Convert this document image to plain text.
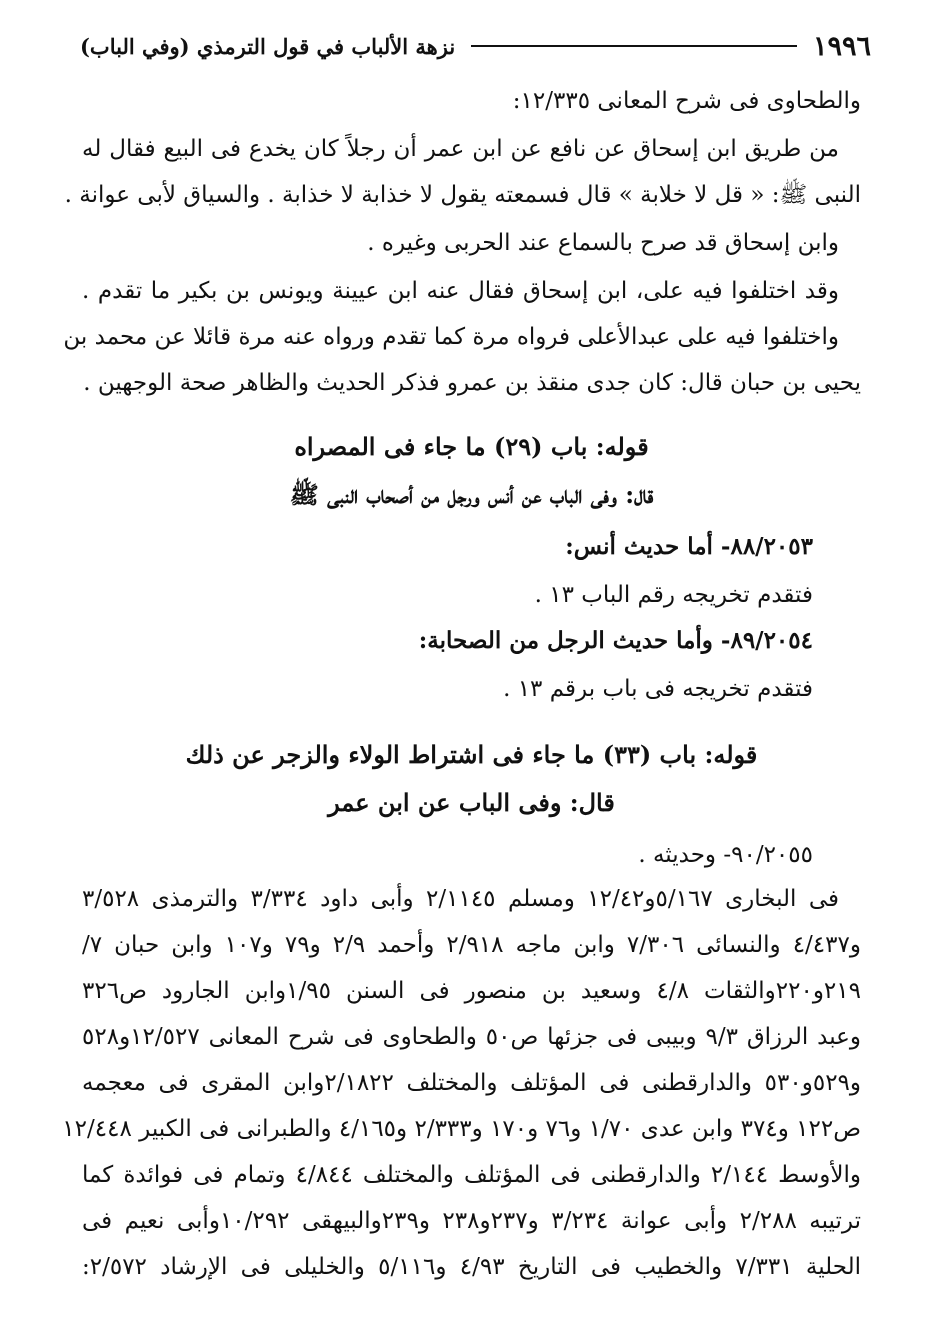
١٩٩٦
نزهة الألباب في قول الترمذي (وفي الباب)
والطحاوى فى شرح المعانى ١٢/٣٣٥:
من طريق ابن إسحاق عن نافع عن ابن عمر أن رجلاً كان يخدع فى البيع فقال له
النبى ﷺ: « قل لا خلابة » قال فسمعته يقول لا خذابة لا خذابة . والسياق لأبى عوانة .
وابن إسحاق قد صرح بالسماع عند الحربى وغيره .
وقد اختلفوا فيه على، ابن إسحاق فقال عنه ابن عيينة ويونس بن بكير ما تقدم .
واختلفوا فيه على عبدالأعلى فرواه مرة كما تقدم ورواه عنه مرة قائلا عن محمد بن
يحيى بن حبان قال: كان جدى منقذ بن عمرو فذكر الحديث والظاهر صحة الوجهين .
قوله: باب (٢٩) ما جاء فى المصراه
قال: وفى الباب عن أنس ورجل من أصحاب النبى ﷺ
٨٨/٢٠٥٣- أما حديث أنس:
فتقدم تخريجه رقم الباب ١٣ .
٨٩/٢٠٥٤- وأما حديث الرجل من الصحابة:
فتقدم تخريجه فى باب برقم ١٣ .
قوله: باب (٣٣) ما جاء فى اشتراط الولاء والزجر عن ذلك
قال: وفى الباب عن ابن عمر
٩٠/٢٠٥٥- وحديثه .
فى البخارى ٥/١٦٧و١٢/٤٢ ومسلم ٢/١١٤٥ وأبى داود ٣/٣٣٤ والترمذى ٣/٥٢٨
و٤/٤٣٧ والنسائى ٧/٣٠٦ وابن ماجه ٢/٩١٨ وأحمد ٢/٩ و٧٩ و١٠٧ وابن حبان ٧/
٢١٩و٢٢٠والثقات ٤/٨ وسعيد بن منصور فى السنن ١/٩٥وابن الجارود ص٣٢٦
وعبد الرزاق ٩/٣ وبيبى فى جزئها ص٥٠ والطحاوى فى شرح المعانى ١٢/٥٢٧و٥٢٨
و٥٢٩و٥٣٠ والدارقطنى فى المؤتلف والمختلف ٢/١٨٢٢وابن المقرى فى معجمه
ص١٢٢ و٣٧٤ وابن عدى ١/٧٠ و٧٦ و١٧٠ و٢/٣٣٣ و٤/١٦٥ والطبرانى فى الكبير ١٢/٤٤٨
والأوسط ٢/١٤٤ والدارقطنى فى المؤتلف والمختلف ٤/٨٤٤ وتمام فى فوائدة كما
ترتيبه ٢/٢٨٨ وأبى عوانة ٣/٢٣٤ و٢٣٧و٢٣٨ و٢٣٩والبيهقى ١٠/٢٩٢وأبى نعيم فى
الحلية ٧/٣٣١ والخطيب فى التاريخ ٤/٩٣ و٥/١١٦ والخليلى فى الإرشاد ٢/٥٧٢:
